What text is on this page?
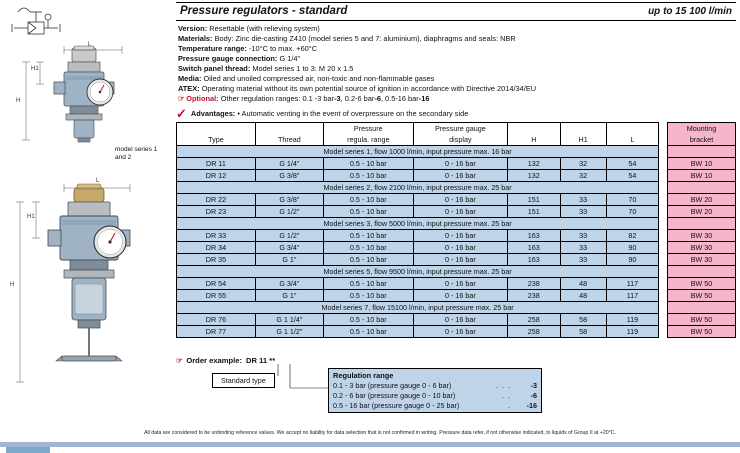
L
H1
H
model series 1
and 2
L
H1
H
Pressure regulators - standard	up to 15 100 l/min
Version: Resettable (with relieving system)
Materials: Body: Zinc die-casting Z410 (model series 5 and 7: aluminium), diaphragms and seals: NBR
Temperature range: -10°C to max. +60°C
Pressure gauge connection: G 1/4"
Switch panel thread: Model series 1 to 3: M 20 x 1.5
Media: Oiled and unoiled compressed air, non-toxic and non-flammable gases
ATEX: Operating material without its own potential source of ignition in accordance with Directive 2014/34/EU
☞ Optional: Other regulation ranges: 0.1 -3 bar-3, 0.2-6 bar-6, 0.5-16 bar-16
✓ Advantages: • Automatic venting in the event of overpressure on the secondary side
Type	Thread	Pressure	Pressure gauge	H	H1	L		Mounting
		regula. range	display					bracket
Model series 1, flow 1000 l/min, input pressure max. 16 bar								
DR 11	G 1/4"	0.5 - 10 bar	0 - 16 bar	132	32	54		BW 10
DR 12	G 3/8"	0.5 - 10 bar	0 - 16 bar	132	32	54		BW 10
Model series 2, flow 2100 l/min, input pressure max. 25 bar								
DR 22	G 3/8"	0.5 - 10 bar	0 - 16 bar	151	33	70		BW 20
DR 23	G 1/2"	0.5 - 10 bar	0 - 16 bar	151	33	70		BW 20
Model series 3, flow 5000 l/min, input pressure max. 25 bar								
DR 33	G 1/2"	0.5 - 10 bar	0 - 16 bar	163	33	82		BW 30
DR 34	G 3/4"	0.5 - 10 bar	0 - 16 bar	163	33	90		BW 30
DR 35	G 1"	0.5 - 10 bar	0 - 16 bar	163	33	90		BW 30
Model series 5, flow 9500 l/min, input pressure max. 25 bar								
DR 54	G 3/4"	0.5 - 10 bar	0 - 16 bar	238	48	117		BW 50
DR 55	G 1"	0.5 - 10 bar	0 - 16 bar	238	48	117		BW 50
Model series 7, flow 15100 l/min, input pressure max. 25 bar								
DR 76	G 1 1/4"	0.5 - 10 bar	0 - 16 bar	258	58	119		BW 50
DR 77	G 1 1/2"	0.5 - 10 bar	0 - 16 bar	258	58	119		BW 50
☞ Order example: DR 11 **
Standard type
Regulation range
0.1 - 3 bar (pressure gauge 0 - 6 bar)	. . .	-3
0.2 - 6 bar (pressure gauge 0 - 10 bar)	. .	-6
0.5 - 16 bar (pressure gauge 0 - 25 bar)	.	-16
All data are considered to be unbinding reference values. We accept no liability for data selection that is not confirmed in writing. Pressure data refer, if not otherwise indicated, to liquids of Group II at +20°C.
